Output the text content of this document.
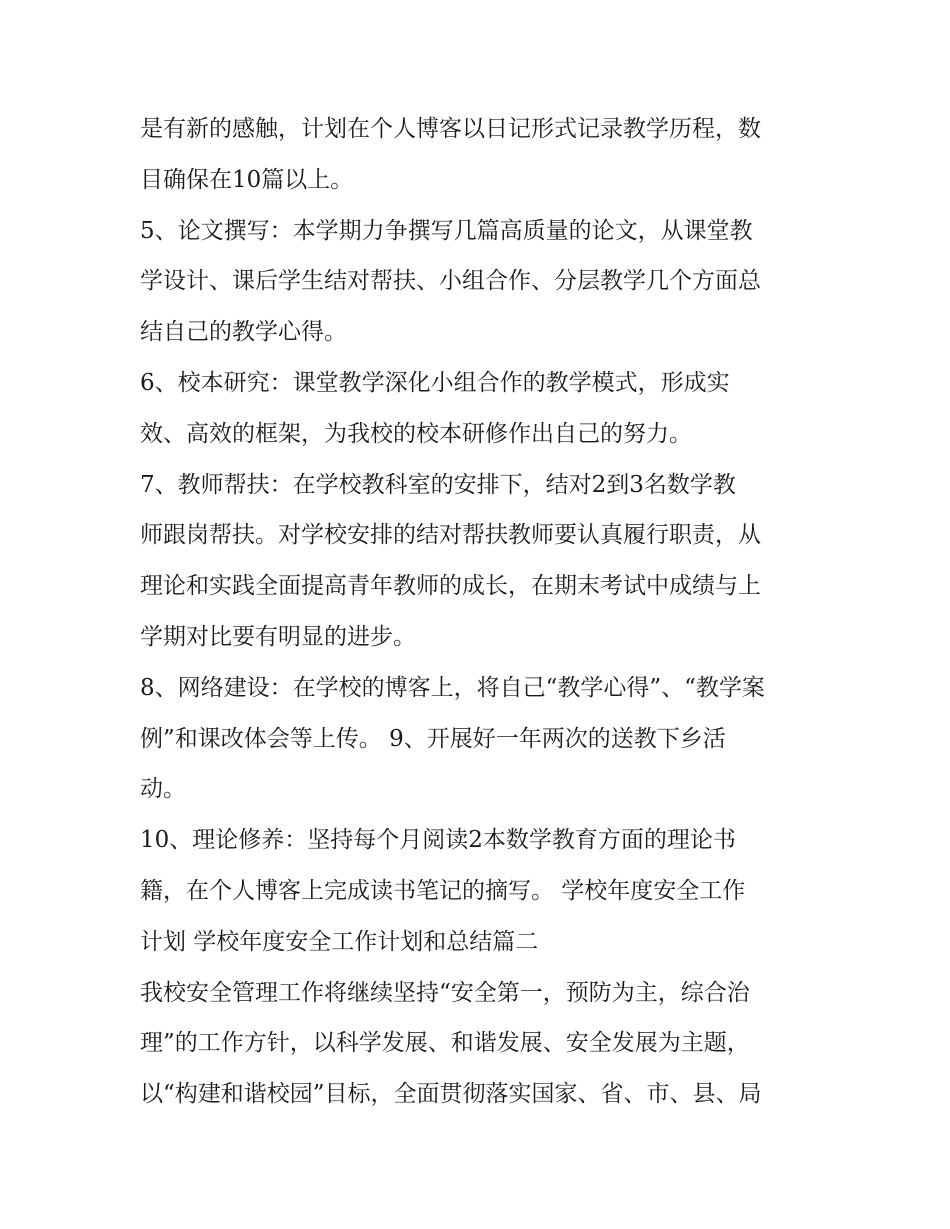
是有新的感触，计划在个人博客以日记形式记录教学历程，数
目确保在10篇以上。
5、论文撰写：本学期力争撰写几篇高质量的论文，从课堂教
学设计、课后学生结对帮扶、小组合作、分层教学几个方面总
结自己的教学心得。
6、校本研究：课堂教学深化小组合作的教学模式，形成实
效、高效的框架，为我校的校本研修作出自己的努力。
7、教师帮扶：在学校教科室的安排下，结对2到3名数学教
师跟岗帮扶。对学校安排的结对帮扶教师要认真履行职责，从
理论和实践全面提高青年教师的成长，在期末考试中成绩与上
学期对比要有明显的进步。
8、网络建设：在学校的博客上，将自己“教学心得”、“教学案
例”和课改体会等上传。 9、开展好一年两次的送教下乡活
动。
10、理论修养：坚持每个月阅读2本数学教育方面的理论书
籍，在个人博客上完成读书笔记的摘写。 学校年度安全工作
计划 学校年度安全工作计划和总结篇二
我校安全管理工作将继续坚持“安全第一，预防为主，综合治
理”的工作方针，以科学发展、和谐发展、安全发展为主题，
以“构建和谐校园”目标，全面贯彻落实国家、省、市、县、局
